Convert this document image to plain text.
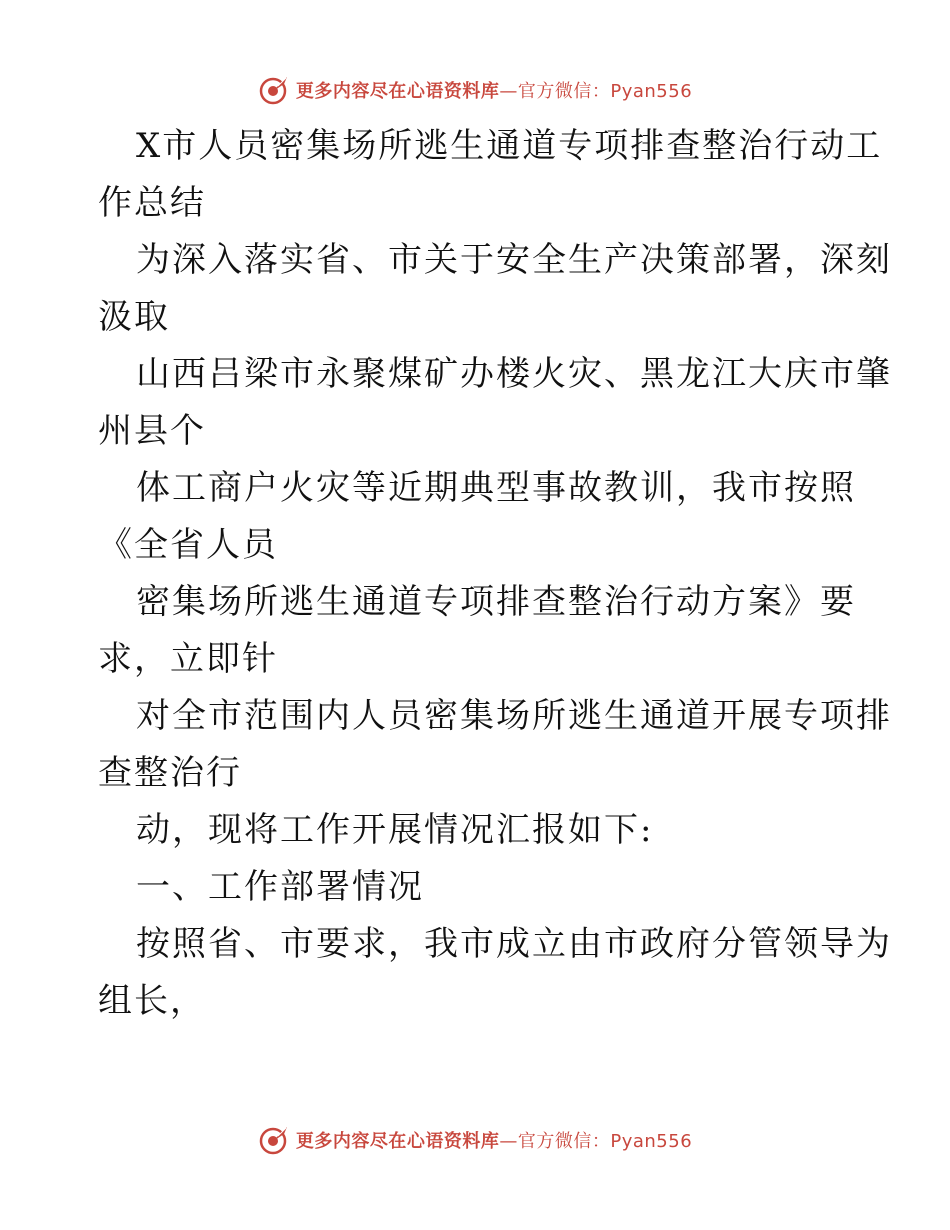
更多内容尽在心语资料库—官方微信：Pyan556
X市人员密集场所逃生通道专项排查整治行动工
作总结
为深入落实省、市关于安全生产决策部署，深刻
汲取
山西吕梁市永聚煤矿办楼火灾、黑龙江大庆市肇
州县个
体工商户火灾等近期典型事故教训，我市按照
《全省人员
密集场所逃生通道专项排查整治行动方案》要
求，立即针
对全市范围内人员密集场所逃生通道开展专项排
查整治行
动，现将工作开展情况汇报如下:
一、工作部署情况
按照省、市要求，我市成立由市政府分管领导为
组长，
更多内容尽在心语资料库—官方微信：Pyan556
